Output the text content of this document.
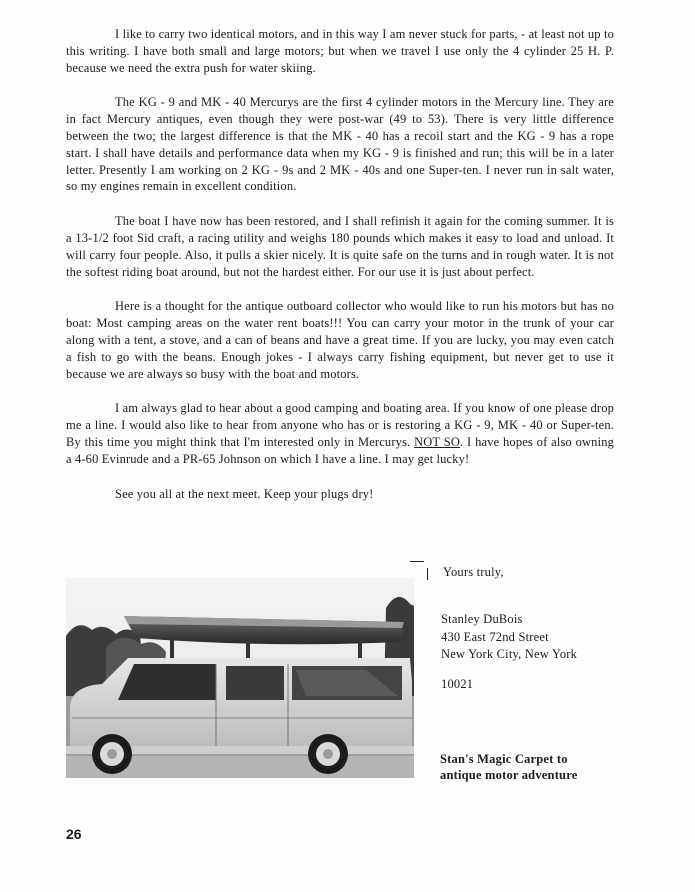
I like to carry two identical motors, and in this way I am never stuck for parts, - at least not up to this writing. I have both small and large motors; but when we travel I use only the 4 cylinder 25 H. P. because we need the extra push for water skiing.

The KG - 9 and MK - 40 Mercurys are the first 4 cylinder motors in the Mercury line. They are in fact Mercury antiques, even though they were post-war (49 to 53). There is very little difference between the two; the largest difference is that the MK - 40 has a recoil start and the KG - 9 has a rope start. I shall have details and performance data when my KG - 9 is finished and run; this will be in a later letter. Presently I am working on 2 KG - 9s and 2 MK - 40s and one Super-ten. I never run in salt water, so my engines remain in excellent condition.

The boat I have now has been restored, and I shall refinish it again for the coming summer. It is a 13-1/2 foot Sid craft, a racing utility and weighs 180 pounds which makes it easy to load and unload. It will carry four people. Also, it pulls a skier nicely. It is quite safe on the turns and in rough water. It is not the softest riding boat around, but not the hardest either. For our use it is just about perfect.

Here is a thought for the antique outboard collector who would like to run his motors but has no boat: Most camping areas on the water rent boats!!! You can carry your motor in the trunk of your car along with a tent, a stove, and a can of beans and have a great time. If you are lucky, you may even catch a fish to go with the beans. Enough jokes - I always carry fishing equipment, but never get to use it because we are always so busy with the boat and motors.

I am always glad to hear about a good camping and boating area. If you know of one please drop me a line. I would also like to hear from anyone who has or is restoring a KG - 9, MK - 40 or Super-ten. By this time you might think that I'm interested only in Mercurys. NOT SO. I have hopes of also owning a 4-60 Evinrude and a PR-65 Johnson on which I have a line. I may get lucky!

See you all at the next meet. Keep your plugs dry!

Yours truly,
Stanley DuBois
430 East 72nd Street
New York City, New York
10021
Stan's Magic Carpet to
antique motor adventure
26
